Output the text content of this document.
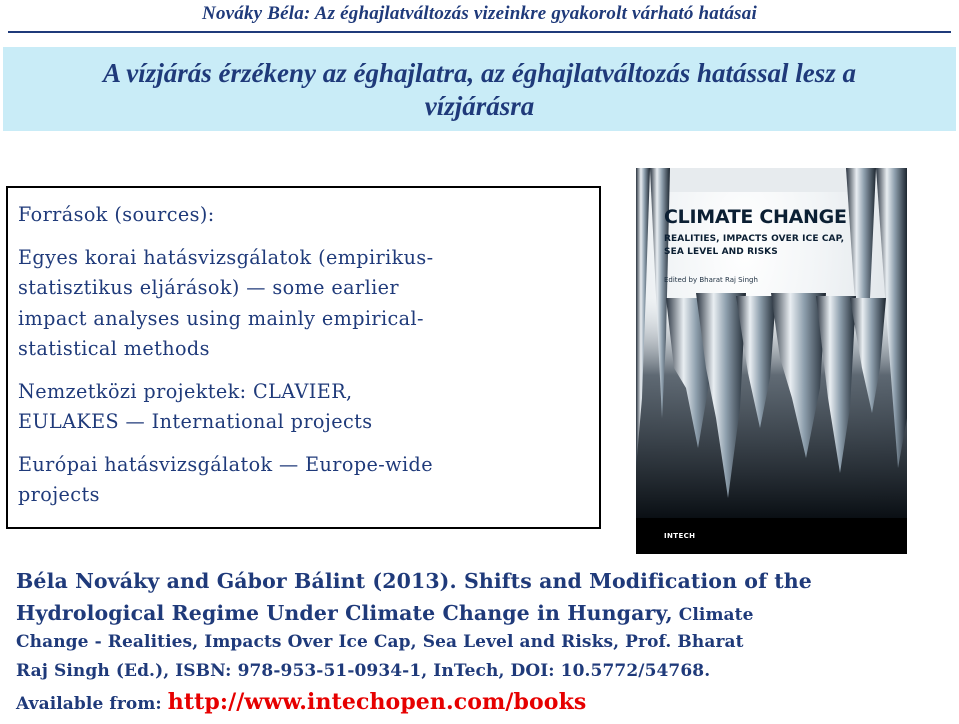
Nováky Béla: Az éghajlatváltozás vizeinkre gyakorolt várható hatásai
A vízjárás érzékeny az éghajlatra, az éghajlatváltozás hatással lesz a
vízjárásra

Források (sources):

Egyes korai hatásvizsgálatok (empirikus-

statisztikus eljárások) — some earlier

impact analyses using mainly empirical-

statistical methods

Nemzetközi projektek: CLAVIER,

EULAKES — International projects

Európai hatásvizsgálatok — Europe-wide

projects

CLIMATE CHANGE
REALITIES, IMPACTS OVER ICE CAP,
SEA LEVEL AND RISKS
Edited by Bharat Raj Singh
INTECH
Béla Nováky and Gábor Bálint (2013). Shifts and Modification of the
Hydrological Regime Under Climate Change in Hungary, Climate
Change - Realities, Impacts Over Ice Cap, Sea Level and Risks, Prof. Bharat
Raj Singh (Ed.), ISBN: 978-953-51-0934-1, InTech, DOI: 10.5772/54768.
Available from: http://www.intechopen.com/books
